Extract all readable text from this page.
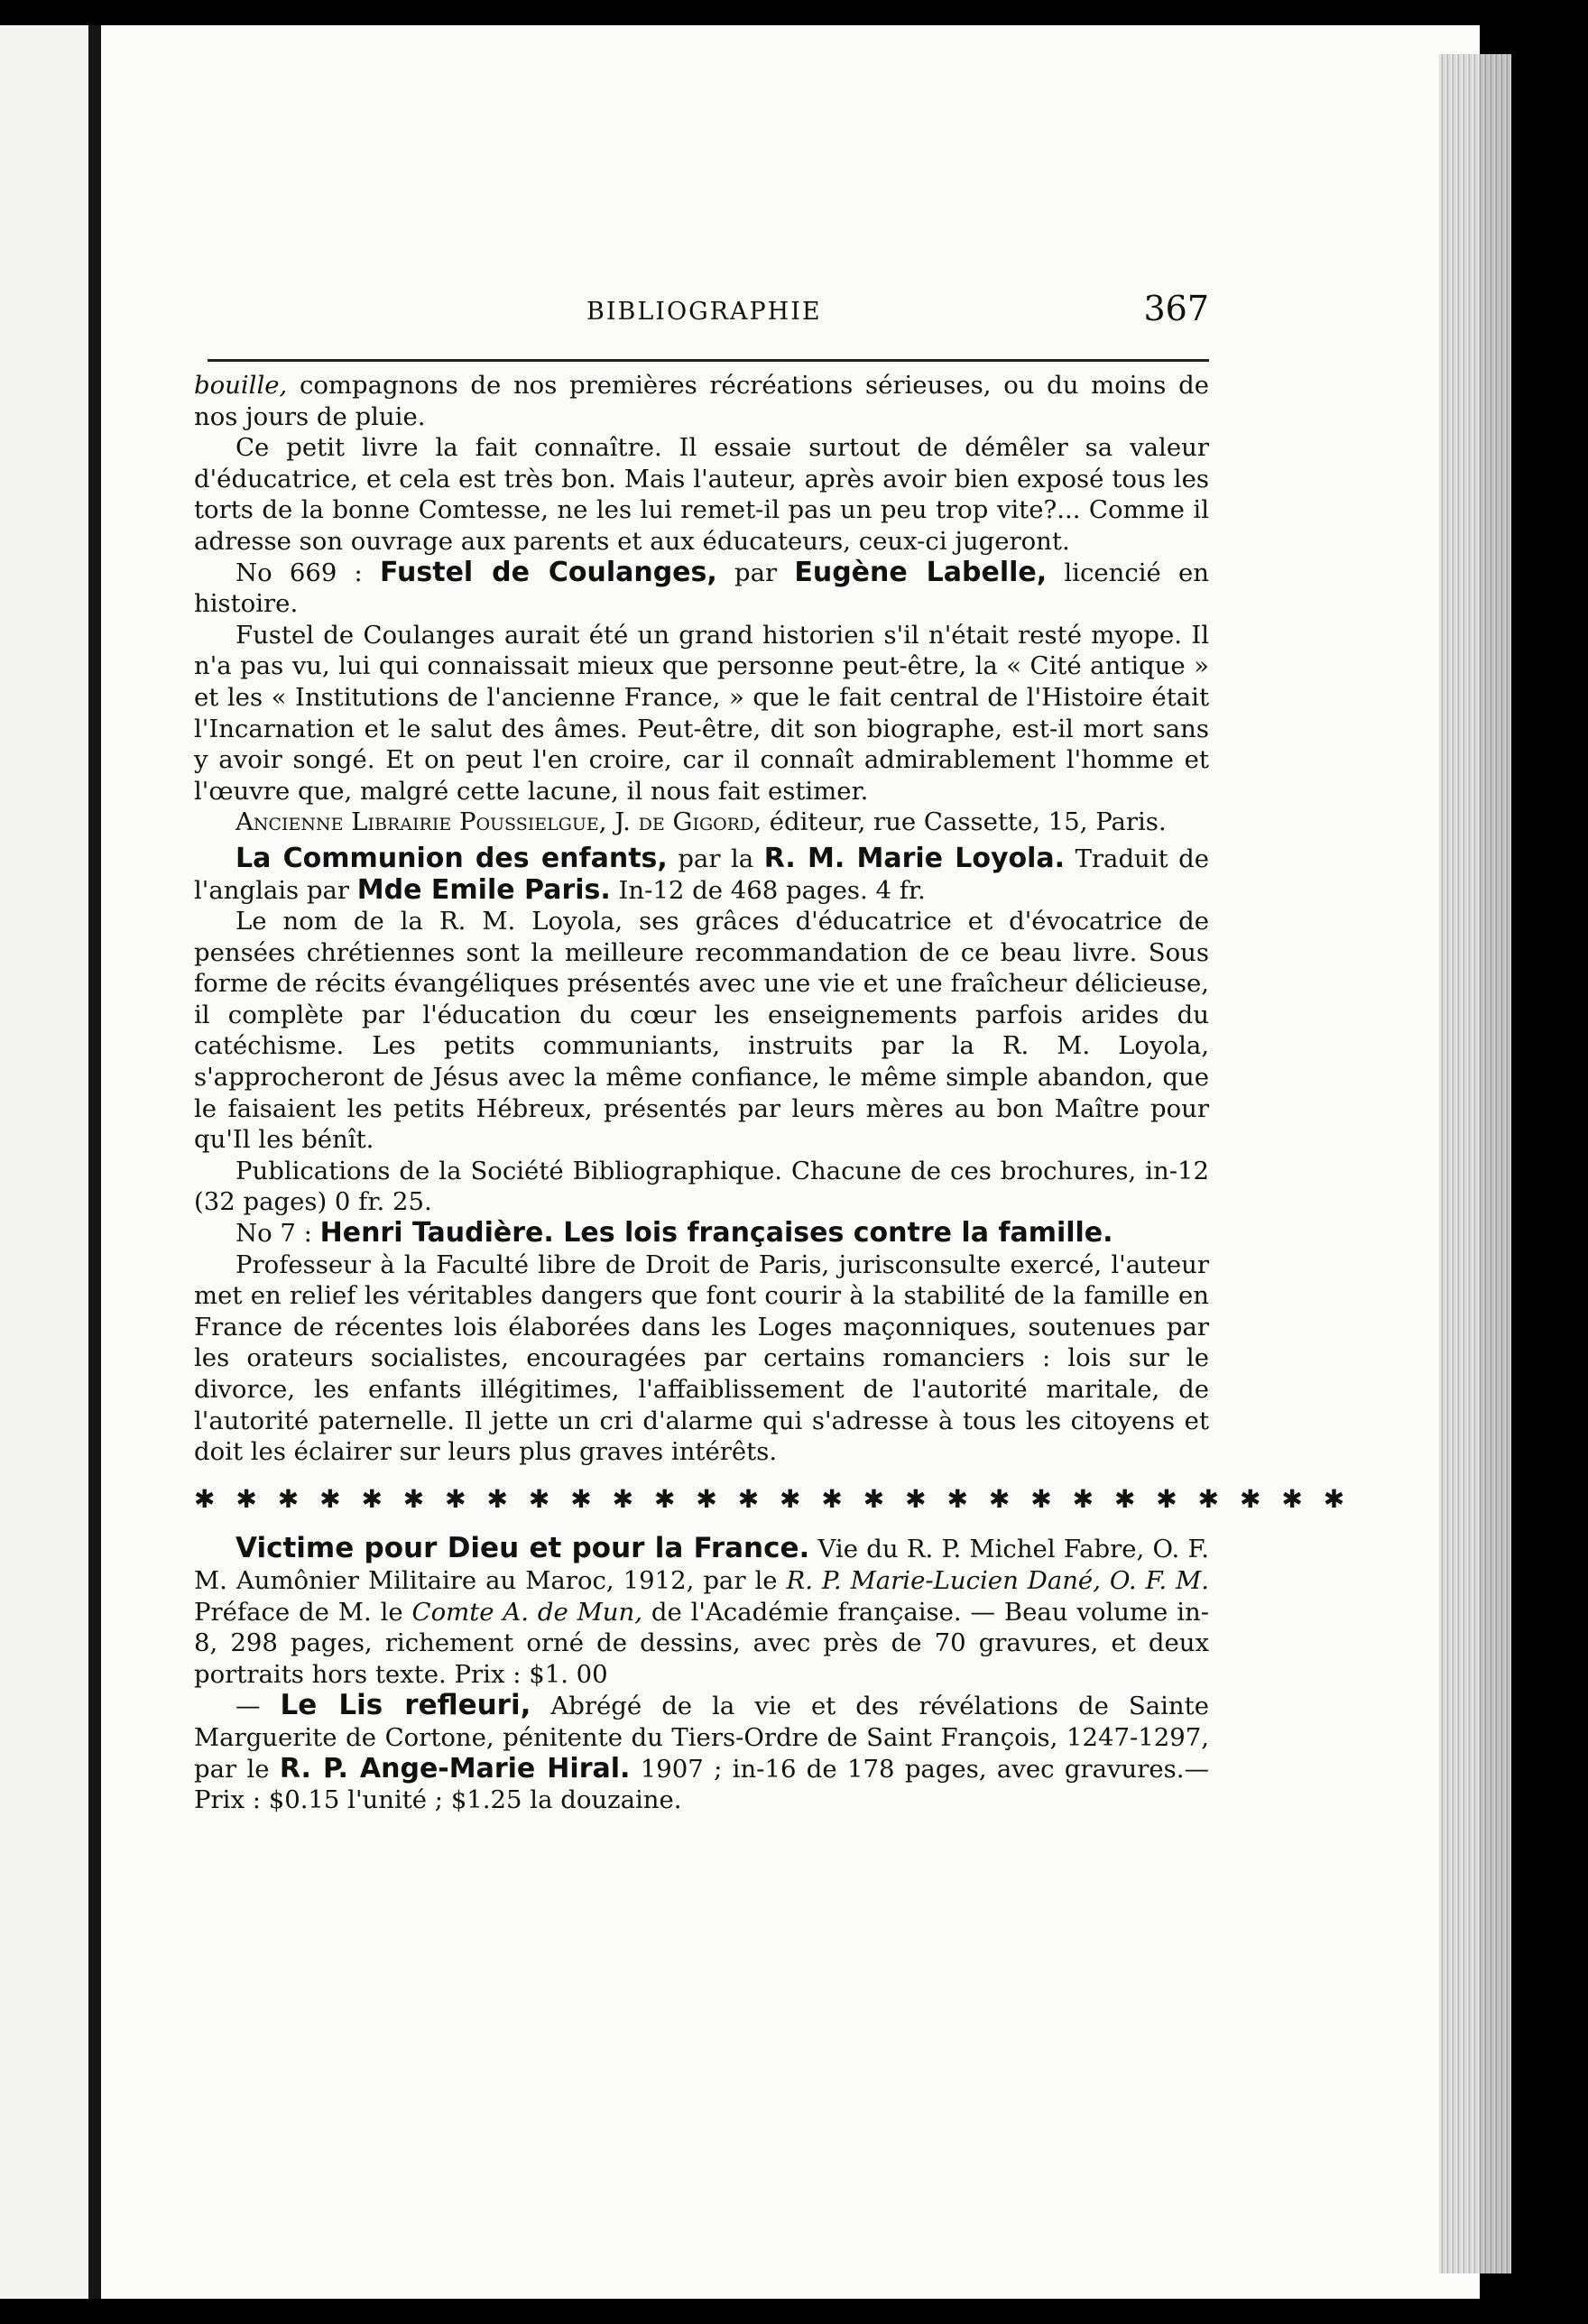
BIBLIOGRAPHIE	367

bouille, compagnons de nos premières récréations sérieuses, ou du moins de nos jours de pluie.

Ce petit livre la fait connaître. Il essaie surtout de démêler sa valeur d'éducatrice, et cela est très bon. Mais l'auteur, après avoir bien exposé tous les torts de la bonne Comtesse, ne les lui remet-il pas un peu trop vite?... Comme il adresse son ouvrage aux parents et aux éducateurs, ceux-ci jugeront.

No 669 : Fustel de Coulanges, par Eugène Labelle, licencié en histoire.

Fustel de Coulanges aurait été un grand historien s'il n'était resté myope. Il n'a pas vu, lui qui connaissait mieux que personne peut-être, la « Cité antique » et les « Institutions de l'ancienne France, » que le fait central de l'Histoire était l'Incarnation et le salut des âmes. Peut-être, dit son biographe, est-il mort sans y avoir songé. Et on peut l'en croire, car il connaît admirablement l'homme et l'œuvre que, malgré cette lacune, il nous fait estimer.

Ancienne Librairie Poussielgue, J. de Gigord, éditeur, rue Cassette, 15, Paris.

La Communion des enfants, par la R. M. Marie Loyola. Traduit de l'anglais par Mde Emile Paris. In-12 de 468 pages. 4 fr.

Le nom de la R. M. Loyola, ses grâces d'éducatrice et d'évocatrice de pensées chrétiennes sont la meilleure recommandation de ce beau livre. Sous forme de récits évangéliques présentés avec une vie et une fraîcheur délicieuse, il complète par l'éducation du cœur les enseignements parfois arides du catéchisme. Les petits communiants, instruits par la R. M. Loyola, s'approcheront de Jésus avec la même confiance, le même simple abandon, que le faisaient les petits Hébreux, présentés par leurs mères au bon Maître pour qu'Il les bénît.

Publications de la Société Bibliographique. Chacune de ces brochures, in-12 (32 pages) 0 fr. 25.

No 7 : Henri Taudière. Les lois françaises contre la famille.

Professeur à la Faculté libre de Droit de Paris, jurisconsulte exercé, l'auteur met en relief les véritables dangers que font courir à la stabilité de la famille en France de récentes lois élaborées dans les Loges maçonniques, soutenues par les orateurs socialistes, encouragées par certains romanciers : lois sur le divorce, les enfants illégitimes, l'affaiblissement de l'autorité maritale, de l'autorité paternelle. Il jette un cri d'alarme qui s'adresse à tous les citoyens et doit les éclairer sur leurs plus graves intérêts.

✱ ✱ ✱ ✱ ✱ ✱ ✱ ✱ ✱ ✱ ✱ ✱ ✱ ✱ ✱ ✱ ✱ ✱ ✱ ✱ ✱ ✱ ✱ ✱ ✱ ✱ ✱ ✱

Victime pour Dieu et pour la France. Vie du R. P. Michel Fabre, O. F. M. Aumônier Militaire au Maroc, 1912, par le R. P. Marie-Lucien Dané, O. F. M. Préface de M. le Comte A. de Mun, de l'Académie française. — Beau volume in-8, 298 pages, richement orné de dessins, avec près de 70 gravures, et deux portraits hors texte. Prix : $1. 00

— Le Lis refleuri, Abrégé de la vie et des révélations de Sainte Marguerite de Cortone, pénitente du Tiers-Ordre de Saint François, 1247-1297, par le R. P. Ange-Marie Hiral. 1907 ; in-16 de 178 pages, avec gravures.—Prix : $0.15 l'unité ; $1.25 la douzaine.
